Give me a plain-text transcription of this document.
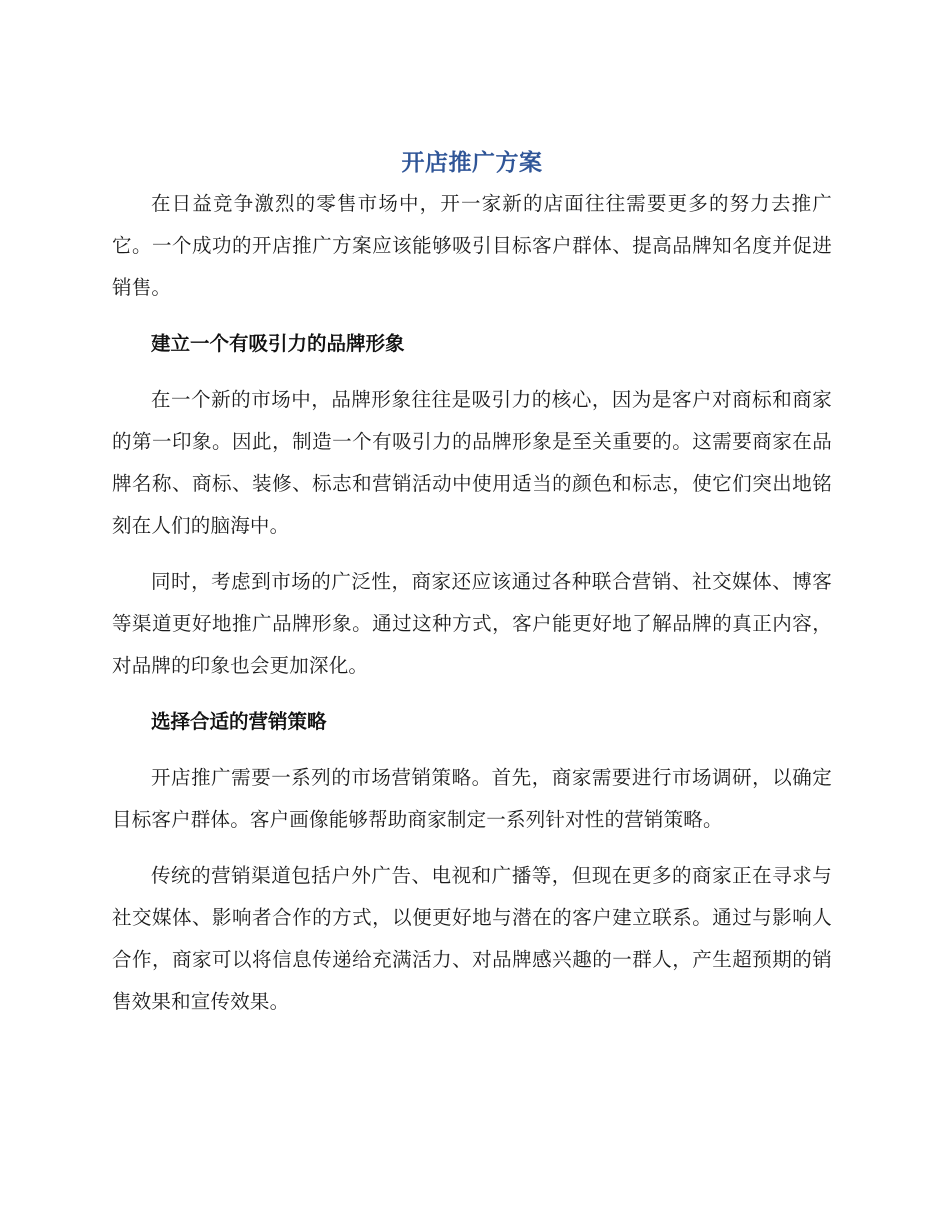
开店推广方案

在日益竞争激烈的零售市场中，开一家新的店面往往需要更多的努力去推广它。一个成功的开店推广方案应该能够吸引目标客户群体、提高品牌知名度并促进销售。

建立一个有吸引力的品牌形象

在一个新的市场中，品牌形象往往是吸引力的核心，因为是客户对商标和商家的第一印象。因此，制造一个有吸引力的品牌形象是至关重要的。这需要商家在品牌名称、商标、装修、标志和营销活动中使用适当的颜色和标志，使它们突出地铭刻在人们的脑海中。

同时，考虑到市场的广泛性，商家还应该通过各种联合营销、社交媒体、博客等渠道更好地推广品牌形象。通过这种方式，客户能更好地了解品牌的真正内容，对品牌的印象也会更加深化。

选择合适的营销策略

开店推广需要一系列的市场营销策略。首先，商家需要进行市场调研，以确定目标客户群体。客户画像能够帮助商家制定一系列针对性的营销策略。

传统的营销渠道包括户外广告、电视和广播等，但现在更多的商家正在寻求与社交媒体、影响者合作的方式，以便更好地与潜在的客户建立联系。通过与影响人合作，商家可以将信息传递给充满活力、对品牌感兴趣的一群人，产生超预期的销售效果和宣传效果。
